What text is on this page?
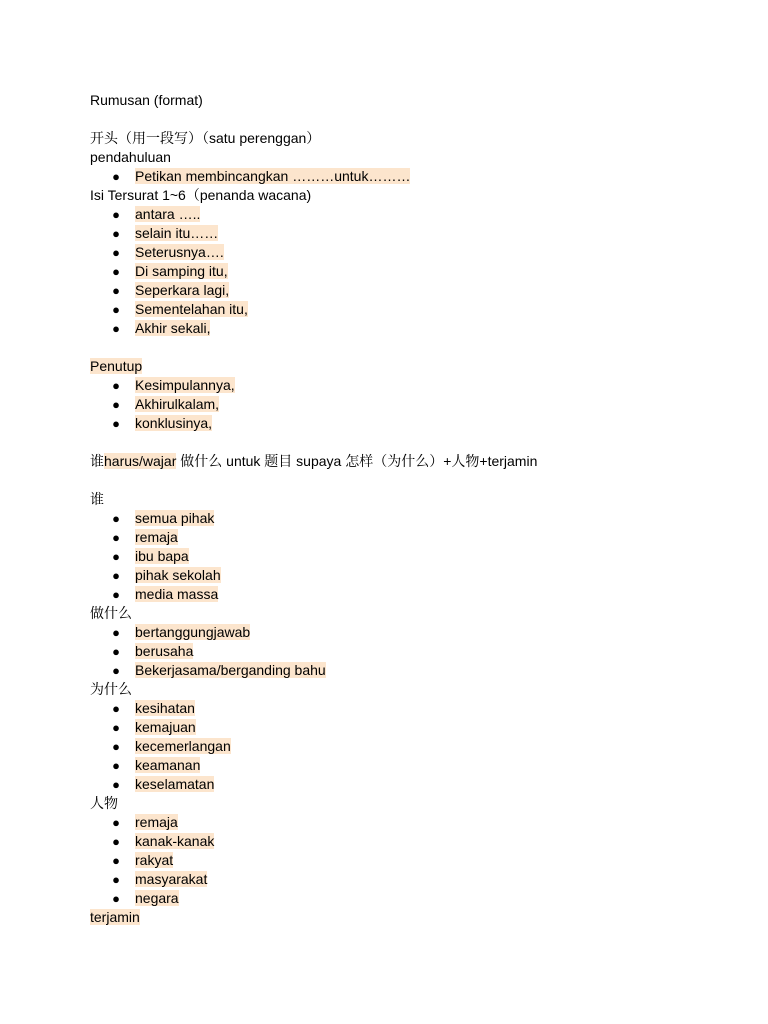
Rumusan (format)
开头（用一段写）（satu perenggan）
pendahuluan
● Petikan membincangkan ………untuk………
Isi Tersurat 1~6（penanda wacana)
● antara …..
● selain itu……
● Seterusnya….
● Di samping itu,
● Seperkara lagi,
● Sementelahan itu,
● Akhir sekali,
Penutup
● Kesimpulannya,
● Akhirulkalam,
● konklusinya,
谁harus/wajar 做什么 untuk 题目 supaya 怎样（为什么）+人物+terjamin
谁
● semua pihak
● remaja
● ibu bapa
● pihak sekolah
● media massa
做什么
● bertanggungjawab
● berusaha
● Bekerjasama/berganding bahu
为什么
● kesihatan
● kemajuan
● kecemerlangan
● keamanan
● keselamatan
人物
● remaja
● kanak-kanak
● rakyat
● masyarakat
● negara
terjamin
